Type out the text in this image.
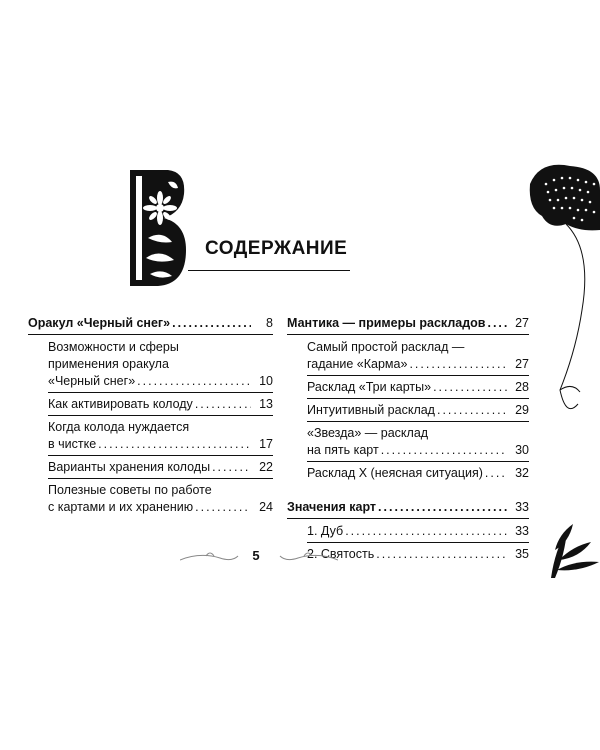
СОДЕРЖАНИЕ
Оракул «Черный снег» .....	8
Возможности и сферы
применения оракула
«Черный снег» .....	10
Как активировать колоду .....	13
Когда колода нуждается
в чистке .....	17
Варианты хранения колоды .....	22
Полезные советы по работе
с картами и их хранению .....	24
Мантика — примеры раскладов .....	27
Самый простой расклад —
гадание «Карма» .....	27
Расклад «Три карты» .....	28
Интуитивный расклад .....	29
«Звезда» — расклад
на пять карт .....	30
Расклад X (неясная ситуация) .....	32
Значения карт .....	33
1. Дуб .....	33
2. Святость .....	35
5
